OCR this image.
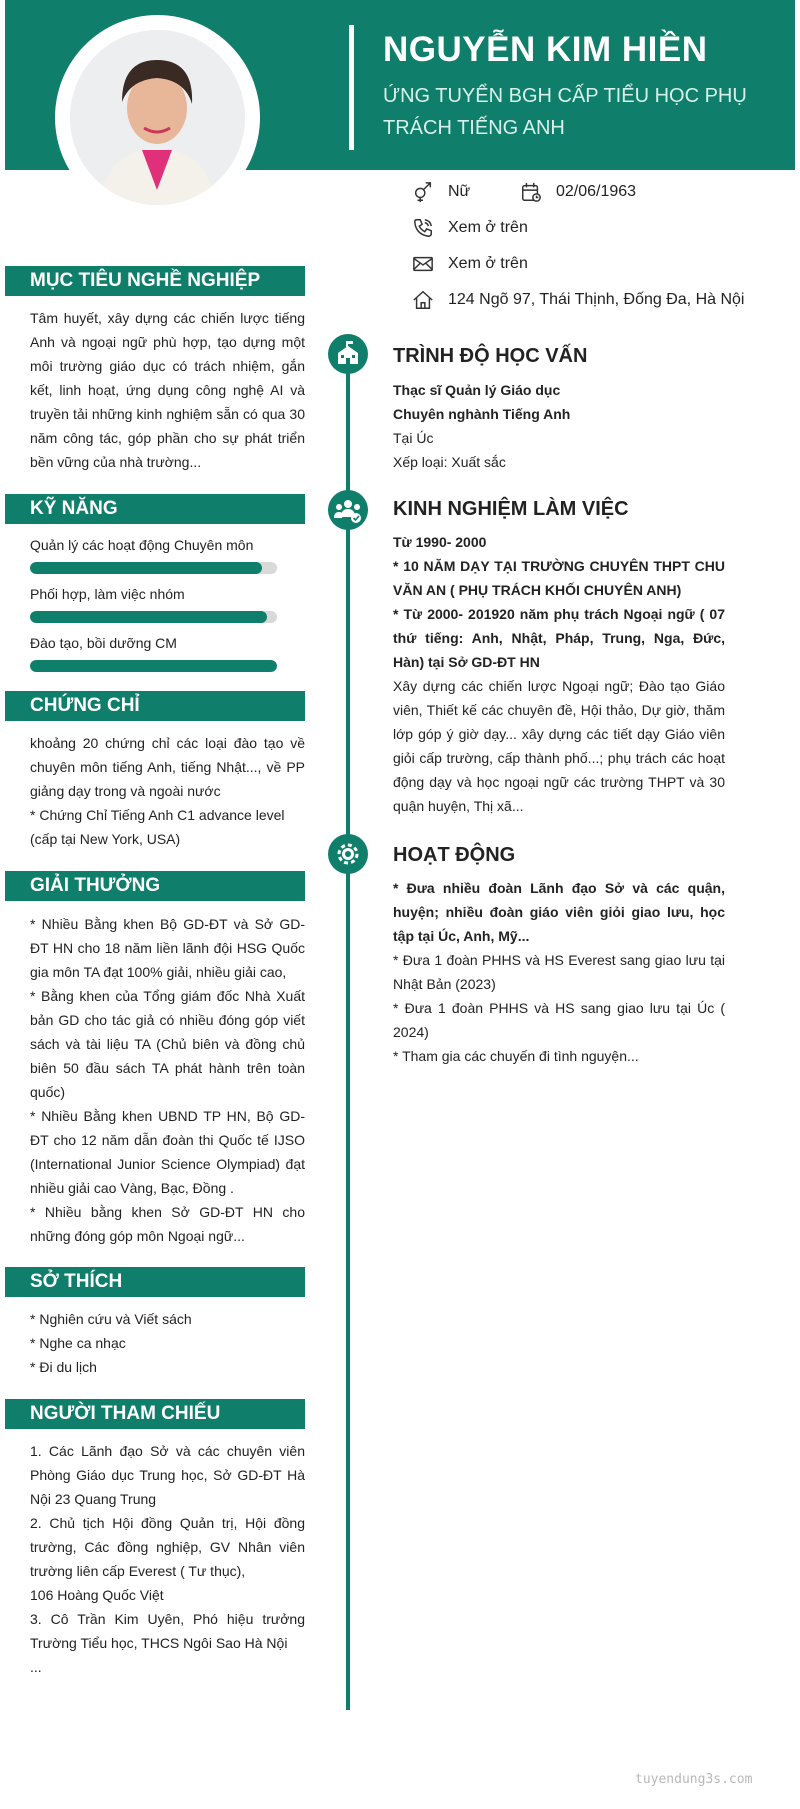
NGUYỄN KIM HIỀN
ỨNG TUYỂN BGH CẤP TIỂU HỌC PHỤ TRÁCH TIẾNG ANH
Nữ	02/06/1963
Xem ở trên
Xem ở trên
124 Ngõ 97, Thái Thịnh, Đống Đa, Hà Nội
MỤC TIÊU NGHỀ NGHIỆP

Tâm huyết, xây dựng các chiến lược tiếng Anh và ngoại ngữ phù hợp, tạo dựng một môi trường giáo dục có trách nhiệm, gắn kết, linh hoạt, ứng dụng công nghệ AI và truyền tải những kinh nghiệm sẵn có qua 30 năm công tác, góp phần cho sự phát triển bền vững của nhà trường...

KỸ NĂNG
Quản lý các hoạt động Chuyên môn
Phối hợp, làm việc nhóm
Đào tạo, bồi dưỡng CM
CHỨNG CHỈ

khoảng 20 chứng chỉ các loại đào tạo về chuyên môn tiếng Anh, tiếng Nhật..., về PP giảng dạy trong và ngoài nước

* Chứng Chỉ Tiếng Anh C1 advance level (cấp tại New York, USA)

GIẢI THƯỞNG

* Nhiều Bằng khen Bộ GD-ĐT và Sở GD-ĐT HN cho 18 năm liền lãnh đội HSG Quốc gia môn TA đạt 100% giải, nhiều giải cao,

* Bằng khen của Tổng giám đốc Nhà Xuất bản GD cho tác giả có nhiều đóng góp viết sách và tài liệu TA (Chủ biên và đồng chủ biên 50 đầu sách TA phát hành trên toàn quốc)

* Nhiều Bằng khen UBND TP HN, Bộ GD-ĐT cho 12 năm dẫn đoàn thi Quốc tế IJSO (International Junior Science Olympiad) đạt nhiều giải cao Vàng, Bạc, Đồng .

* Nhiều bằng khen Sở GD-ĐT HN cho những đóng góp môn Ngoại ngữ...

SỞ THÍCH

* Nghiên cứu và Viết sách

* Nghe ca nhạc

* Đi du lịch

NGƯỜI THAM CHIẾU

1. Các Lãnh đạo Sở và các chuyên viên Phòng Giáo dục Trung học, Sở GD-ĐT Hà Nội 23 Quang Trung

2. Chủ tịch Hội đồng Quản trị, Hội đồng trường, Các đồng nghiệp, GV Nhân viên trường liên cấp Everest ( Tư thục),

106 Hoàng Quốc Việt

3. Cô Trần Kim Uyên, Phó hiệu trưởng Trường Tiểu học, THCS Ngôi Sao Hà Nội

...

TRÌNH ĐỘ HỌC VẤN

Thạc sĩ Quản lý Giáo dục

Chuyên nghành Tiếng Anh

Tại Úc

Xếp loại: Xuất sắc

KINH NGHIỆM LÀM VIỆC

Từ 1990- 2000

* 10 NĂM DẠY TẠI TRƯỜNG CHUYÊN THPT CHU VĂN AN ( PHỤ TRÁCH KHỐI CHUYÊN ANH)

* Từ 2000- 201920 năm phụ trách Ngoại ngữ ( 07 thứ tiếng: Anh, Nhật, Pháp, Trung, Nga, Đức, Hàn) tại Sở GD-ĐT HN

Xây dựng các chiến lược Ngoại ngữ; Đào tạo Giáo viên, Thiết kế các chuyên đề, Hội thảo, Dự giờ, thăm lớp góp ý giờ dạy... xây dựng các tiết dạy Giáo viên giỏi cấp trường, cấp thành phố...; phụ trách các hoạt động dạy và học ngoại ngữ các trường THPT và 30 quận huyện, Thị xã...

HOẠT ĐỘNG

* Đưa nhiều đoàn Lãnh đạo Sở và các quận, huyện; nhiều đoàn giáo viên giỏi giao lưu, học tập tại Úc, Anh, Mỹ...

* Đưa 1 đoàn PHHS và HS Everest sang giao lưu tại Nhật Bản (2023)

* Đưa 1 đoàn PHHS và HS sang giao lưu tại Úc ( 2024)

* Tham gia các chuyến đi tình nguyện...

tuyendung3s.com
